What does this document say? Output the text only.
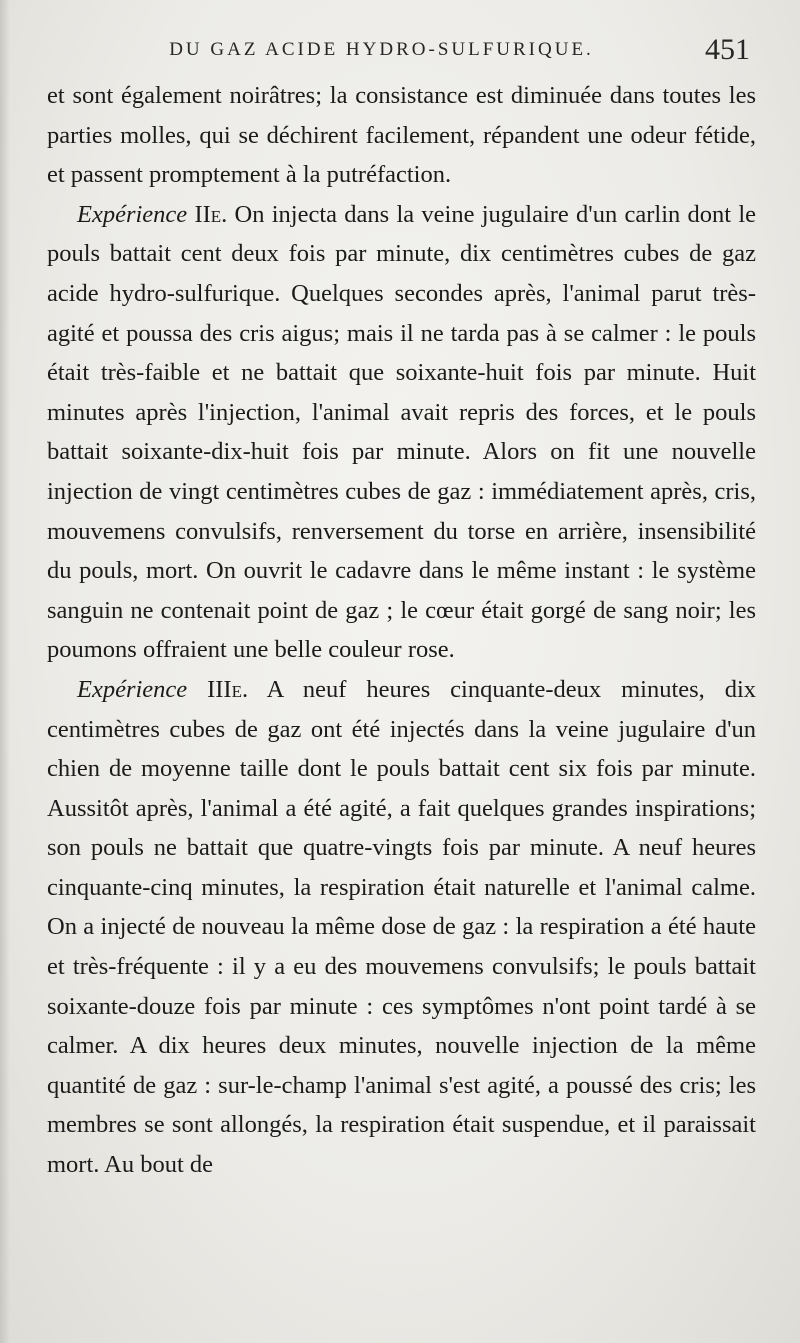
DU GAZ ACIDE HYDRO-SULFURIQUE.	451

et sont également noirâtres; la consistance est diminuée dans toutes les parties molles, qui se déchirent facilement, répandent une odeur fétide, et passent promptement à la putréfaction.

Expérience IIe. On injecta dans la veine jugulaire d'un carlin dont le pouls battait cent deux fois par minute, dix centimètres cubes de gaz acide hydro-sulfurique. Quelques secondes après, l'animal parut très-agité et poussa des cris aigus; mais il ne tarda pas à se calmer : le pouls était très-faible et ne battait que soixante-huit fois par minute. Huit minutes après l'injection, l'animal avait repris des forces, et le pouls battait soixante-dix-huit fois par minute. Alors on fit une nouvelle injection de vingt centimètres cubes de gaz : immédiatement après, cris, mouvemens convulsifs, renversement du torse en arrière, insensibilité du pouls, mort. On ouvrit le cadavre dans le même instant : le système sanguin ne contenait point de gaz ; le cœur était gorgé de sang noir; les poumons offraient une belle couleur rose.

Expérience IIIe. A neuf heures cinquante-deux minutes, dix centimètres cubes de gaz ont été injectés dans la veine jugulaire d'un chien de moyenne taille dont le pouls battait cent six fois par minute. Aussitôt après, l'animal a été agité, a fait quelques grandes inspirations; son pouls ne battait que quatre-vingts fois par minute. A neuf heures cinquante-cinq minutes, la respiration était naturelle et l'animal calme. On a injecté de nouveau la même dose de gaz : la respiration a été haute et très-fréquente : il y a eu des mouvemens convulsifs; le pouls battait soixante-douze fois par minute : ces symptômes n'ont point tardé à se calmer. A dix heures deux minutes, nouvelle injection de la même quantité de gaz : sur-le-champ l'animal s'est agité, a poussé des cris; les membres se sont allongés, la respiration était suspendue, et il paraissait mort. Au bout de
